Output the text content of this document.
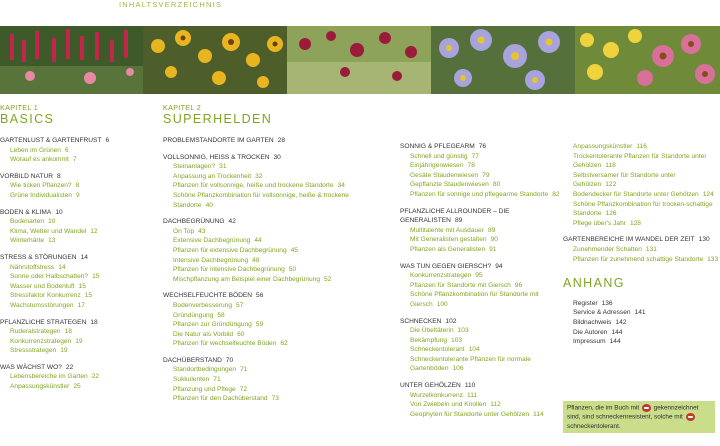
INHALTSVERZEICHNIS
KAPITEL 1
BASICS
GARTENLUST & GARTENFRUST 6
Leben im Grünen 6
Worauf es ankommt 7
VORBILD NATUR 8
Wie ticken Pflanzen? 8
Grüne Individualisten 9
BODEN & KLIMA 10
Bodenarten 10
Klima, Wetter und Wandel 12
Winterhärte 13
STRESS & STÖRUNGEN 14
Nährstoffstress 14
Sonne oder Halbschatten? 15
Wasser und Bodenluft 15
Stressfaktor Konkurrenz 15
Wachstumsstörungen 17
PFLANZLICHE STRATEGEN 18
Ruderalstrategen 18
Konkurrenzstrategen 19
Stressstrategen 19
WAS WÄCHST WO? 22
Lebensbereiche im Garten 22
Anpassungskünstler 25
KAPITEL 2
SUPERHELDEN
PROBLEMSTANDORTE IM GARTEN 28
VOLLSONNIG, HEISS & TROCKEN 30
Steinanlagen? 31
Anpassung an Trockenheit 32
Pflanzen für vollsonnige, heiße und trockene Standorte 34
Schöne Pflanzkombination für vollsonnige, heiße & trockene Standorte 40
DACHBEGRÜNUNG 42
On Top 43
Extensive Dachbegrünung 44
Pflanzen für extensive Dachbegrünung 45
Intensive Dachbegrünung 48
Pflanzen für intensive Dachbegrünung 50
Mischpflanzung am Beispiel einer Dachbegrünung 52
WECHSELFEUCHTE BÖDEN 56
Bodenverbesserung 57
Gründüngung 58
Pflanzen zur Gründüngung 59
Die Natur als Vorbild 60
Pflanzen für wechselfeuchte Böden 62
DACHÜBERSTAND 70
Standortbedingungen 71
Sukkulenten 71
Pflanzung und Pflege 72
Pflanzen für den Dachüberstand 73
SONNIG & PFLEGEARM 76
Schnell und günstig 77
Einjährigenwiesen 78
Gesäte Staudenwiesen 79
Gepflanzte Staudenwiesen 80
Pflanzen für sonnige und pflegearme Standorte 82
PFLANZLICHE ALLROUNDER – DIE GENERALISTEN 89
Multitalente mit Ausdauer 89
Mit Generalisten gestalten 90
Pflanzen als Generalisten 91
WAS TUN GEGEN GIERSCH? 94
Konkurrenzstrategen 95
Pflanzen für Standorte mit Giersch 96
Schöne Pflanzkombination für Standorte mit Giersch 100
SCHNECKEN 102
Die Übeltäterin 103
Bekämpfung 103
Schneckentolerant 104
Schneckentolerante Pflanzen für normale Gartenböden 106
UNTER GEHÖLZEN 110
Wurzelkonkurrenz 111
Von Zwiebeln und Knollen 112
Geophyten für Standorte unter Gehölzen 114
Anpassungskünstler 116
Trockentolerante Pflanzen für Standorte unter Gehölzen 118
Selbstversamer für Standorte unter Gehölzen 122
Bodendecker für Standorte unter Gehölzen 124
Schöne Pflanzkombination für trocken-schattige Standorte 126
Pflege über's Jahr 128
GARTENBEREICHE IM WANDEL DER ZEIT 130
Zunehmender Schatten 131
Pflanzen für zunehmend schattige Standorte 133
ANHANG
Register 136
Service & Adressen 141
Bildnachweis 142
Die Autoren 144
Impressum 144
Pflanzen, die im Buch mit gekennzeichnet sind, sind schneckenresistent, solche mit  schneckentolerant.
